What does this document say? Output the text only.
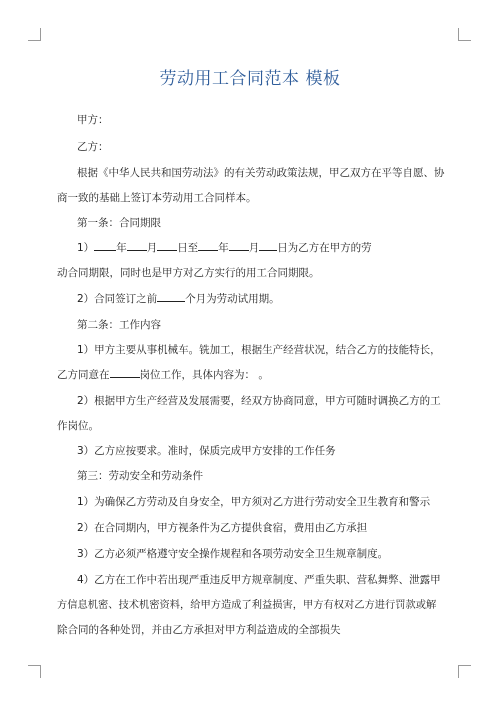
劳动用工合同范本 模板
甲方：
乙方：
根据《中华人民共和国劳动法》的有关劳动政策法规，甲乙双方在平等自愿、协
商一致的基础上签订本劳动用工合同样本。
第一条：合同期限
1） 年 月 日至 年 月 日为乙方在甲方的劳
动合同期限，同时也是甲方对乙方实行的用工合同期限。
2）合同签订之前	个月为劳动试用期。
第二条：工作内容
1）甲方主要从事机械车。铣加工，根据生产经营状况，结合乙方的技能特长，
乙方同意在	岗位工作，具体内容为： 。
2）根据甲方生产经营及发展需要，经双方协商同意，甲方可随时调换乙方的工
作岗位。
3）乙方应按要求。准时，保质完成甲方安排的工作任务
第三：劳动安全和劳动条件
1）为确保乙方劳动及自身安全，甲方须对乙方进行劳动安全卫生教育和警示
2）在合同期内，甲方视条件为乙方提供食宿，费用由乙方承担
3）乙方必须严格遵守安全操作规程和各项劳动安全卫生规章制度。
4）乙方在工作中若出现严重违反甲方规章制度、严重失职、营私舞弊、泄露甲
方信息机密、技术机密资料，给甲方造成了利益损害，甲方有权对乙方进行罚款或解
除合同的各种处罚，并由乙方承担对甲方利益造成的全部损失
